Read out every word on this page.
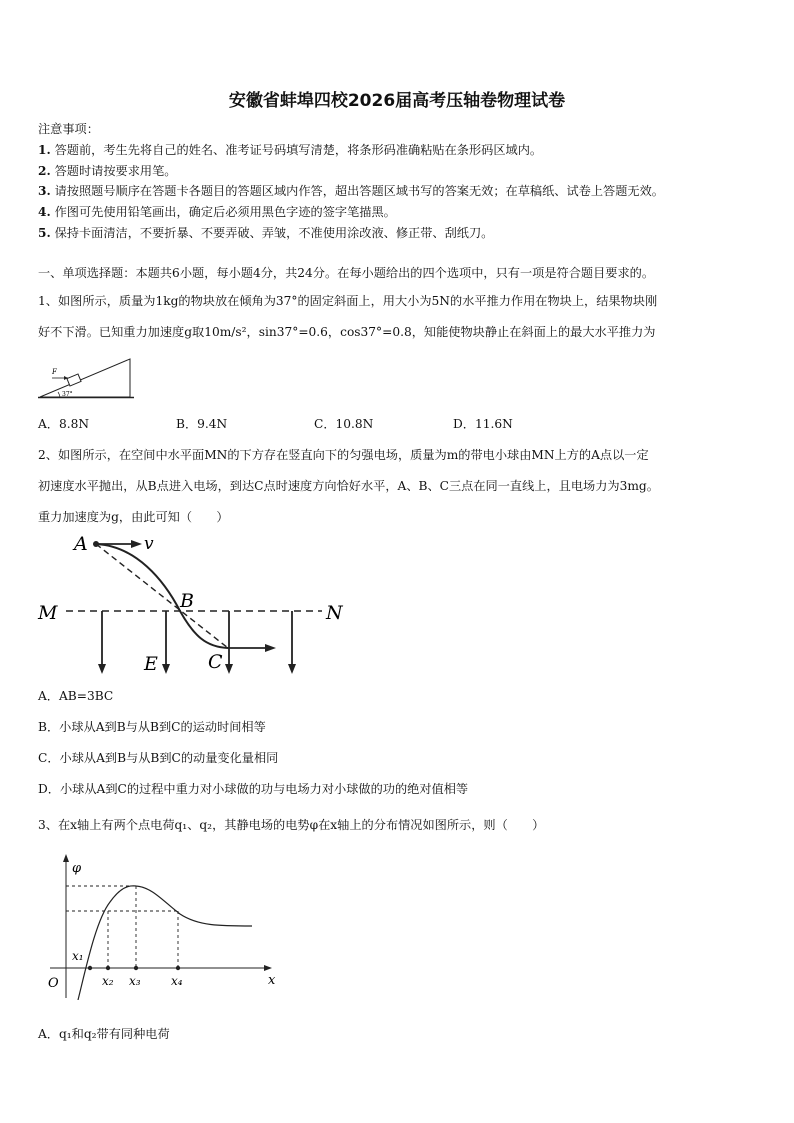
安徽省蚌埠四校2026届高考压轴卷物理试卷
注意事项：
1. 答题前，考生先将自己的姓名、准考证号码填写清楚，将条形码准确粘贴在条形码区域内。
2. 答题时请按要求用笔。
3. 请按照题号顺序在答题卡各题目的答题区域内作答，超出答题区域书写的答案无效；在草稿纸、试卷上答题无效。
4. 作图可先使用铅笔画出，确定后必须用黑色字迹的签字笔描黑。
5. 保持卡面清洁，不要折暴、不要弄破、弄皱，不准使用涂改液、修正带、刮纸刀。
一、单项选择题：本题共6小题，每小题4分，共24分。在每小题给出的四个选项中，只有一项是符合题目要求的。
1、如图所示，质量为1kg的物块放在倾角为37°的固定斜面上，用大小为5N的水平推力作用在物块上，结果物块刚
好不下滑。已知重力加速度g取10m/s²，sin37°=0.6，cos37°=0.8，知能使物块静止在斜面上的最大水平推力为
F
37°
A．8.8N	B．9.4N	C．10.8N	D．11.6N
2、如图所示，在空间中水平面MN的下方存在竖直向下的匀强电场，质量为m的带电小球由MN上方的A点以一定
初速度水平抛出，从B点进入电场，到达C点时速度方向恰好水平，A、B、C三点在同一直线上，且电场力为3mg。
重力加速度为g，由此可知（　　）
M	N
E
A	v
B
C
A．AB=3BC
B．小球从A到B与从B到C的运动时间相等
C．小球从A到B与从B到C的动量变化量相同
D．小球从A到C的过程中重力对小球做的功与电场力对小球做的功的绝对值相等
3、在x轴上有两个点电荷q₁、q₂，其静电场的电势φ在x轴上的分布情况如图所示，则（　　）
φ
O	x
x₁
x₂ x₃	x₄
A．q₁和q₂带有同种电荷
